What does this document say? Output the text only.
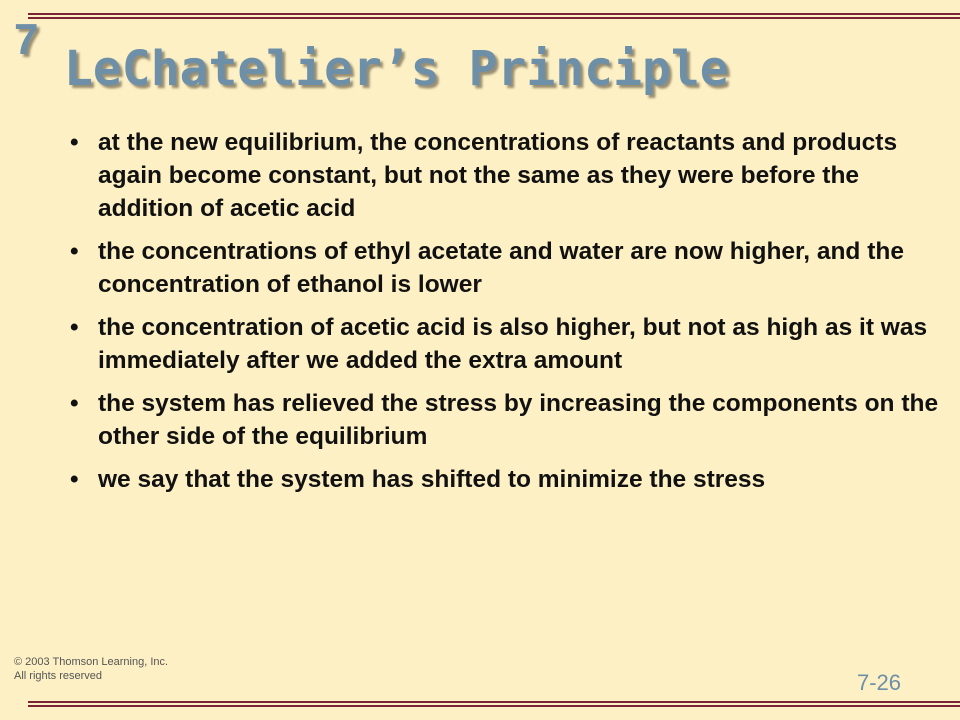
7
LeChatelier’s Principle
• at the new equilibrium, the concentrations of reactants and products again become constant, but not the same as they were before the addition of acetic acid
• the concentrations of ethyl acetate and water are now higher, and the concentration of ethanol is lower
• the concentration of acetic acid is also higher, but not as high as it was immediately after we added the extra amount
• the system has relieved the stress by increasing the components on the other side of the equilibrium
• we say that the system has shifted to minimize the stress
© 2003 Thomson Learning, Inc.
All rights reserved	7-26
